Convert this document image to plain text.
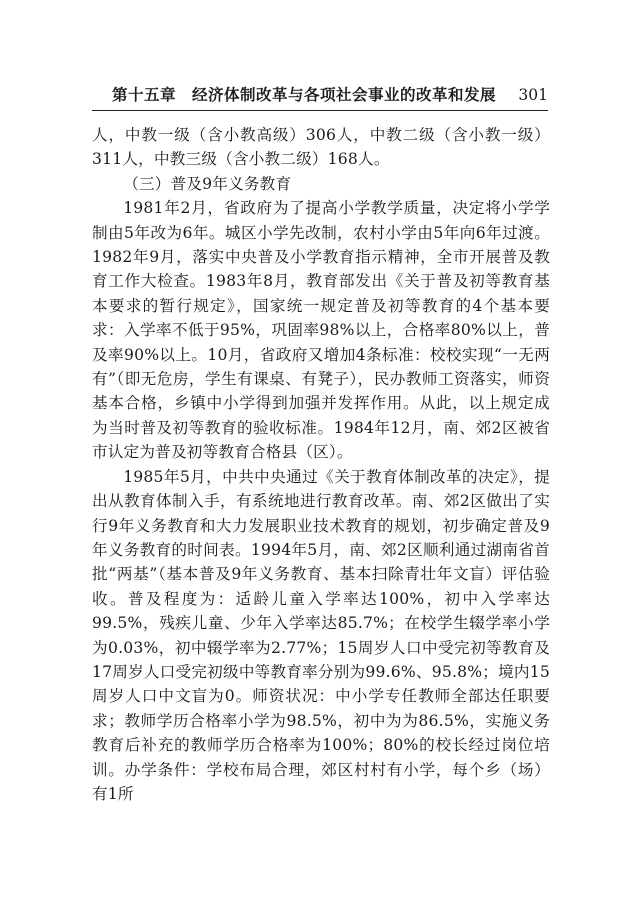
第十五章　经济体制改革与各项社会事业的改革和发展 301

人，中教一级（含小教高级）306人，中教二级（含小教一级）311人，中教三级（含小教二级）168人。

（三）普及9年义务教育

1981年2月，省政府为了提高小学教学质量，决定将小学学制由5年改为6年。城区小学先改制，农村小学由5年向6年过渡。1982年9月，落实中央普及小学教育指示精神，全市开展普及教育工作大检查。1983年8月，教育部发出《关于普及初等教育基本要求的暂行规定》，国家统一规定普及初等教育的4个基本要求：入学率不低于95%，巩固率98%以上，合格率80%以上，普及率90%以上。10月，省政府又增加4条标准：校校实现“一无两有”（即无危房，学生有课桌、有凳子），民办教师工资落实，师资基本合格，乡镇中小学得到加强并发挥作用。从此，以上规定成为当时普及初等教育的验收标准。1984年12月，南、郊2区被省市认定为普及初等教育合格县（区）。

1985年5月，中共中央通过《关于教育体制改革的决定》，提出从教育体制入手，有系统地进行教育改革。南、郊2区做出了实行9年义务教育和大力发展职业技术教育的规划，初步确定普及9年义务教育的时间表。1994年5月，南、郊2区顺利通过湖南省首批“两基”（基本普及9年义务教育、基本扫除青壮年文盲）评估验收。普及程度为：适龄儿童入学率达100%，初中入学率达99.5%，残疾儿童、少年入学率达85.7%；在校学生辍学率小学为0.03%，初中辍学率为2.77%；15周岁人口中受完初等教育及17周岁人口受完初级中等教育率分别为99.6%、95.8%；境内15周岁人口中文盲为0。师资状况：中小学专任教师全部达任职要求；教师学历合格率小学为98.5%，初中为为86.5%，实施义务教育后补充的教师学历合格率为100%；80%的校长经过岗位培训。办学条件：学校布局合理，郊区村村有小学，每个乡（场）有1所
